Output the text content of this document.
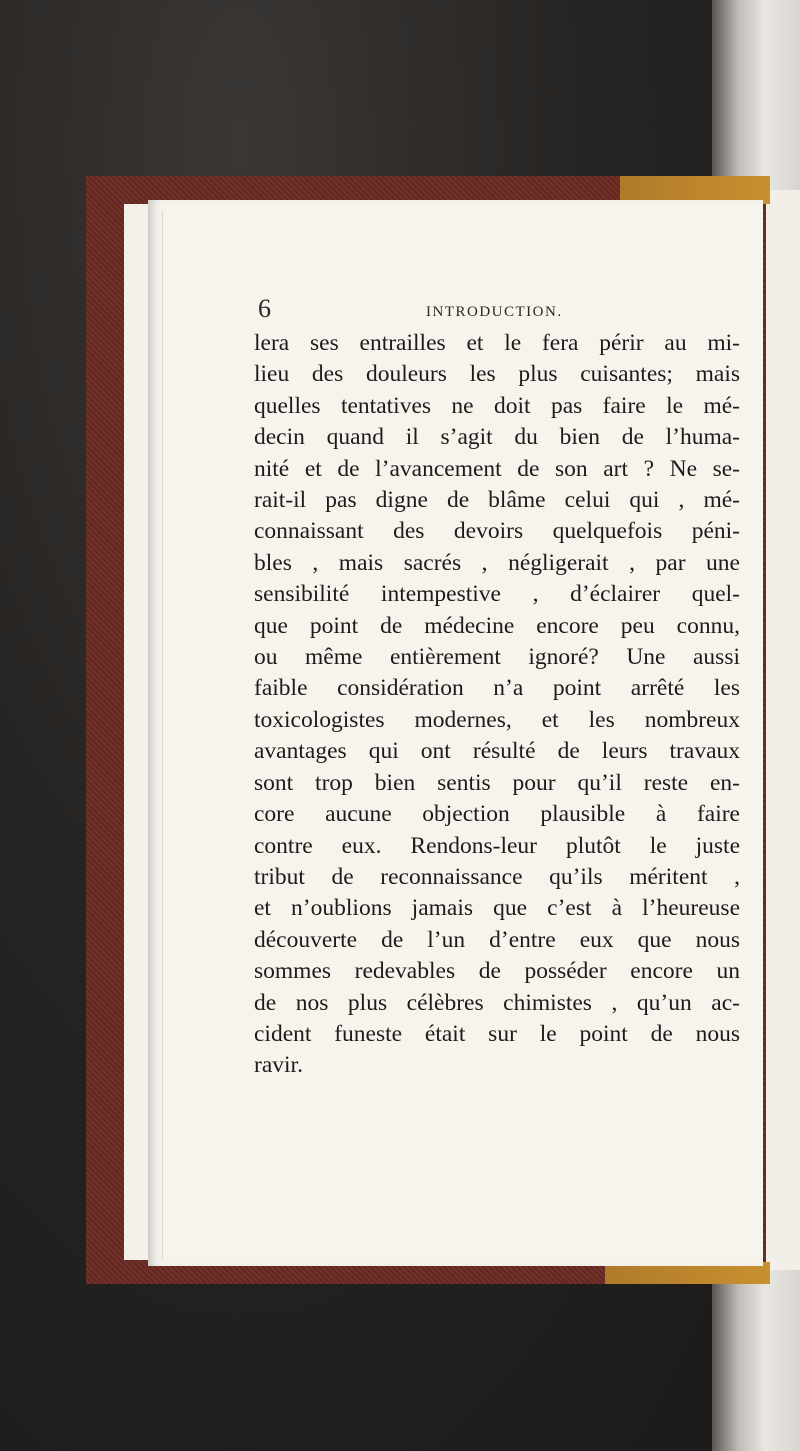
6	INTRODUCTION.
lera ses entrailles et le fera périr au mi-
lieu des douleurs les plus cuisantes; mais
quelles tentatives ne doit pas faire le mé-
decin quand il s’agit du bien de l’huma-
nité et de l’avancement de son art ? Ne se-
rait-il pas digne de blâme celui qui , mé-
connaissant des devoirs quelquefois péni-
bles , mais sacrés , négligerait , par une
sensibilité intempestive , d’éclairer quel-
que point de médecine encore peu connu,
ou même entièrement ignoré? Une aussi
faible considération n’a point arrêté les
toxicologistes modernes, et les nombreux
avantages qui ont résulté de leurs travaux
sont trop bien sentis pour qu’il reste en-
core aucune objection plausible à faire
contre eux. Rendons-leur plutôt le juste
tribut de reconnaissance qu’ils méritent ,
et n’oublions jamais que c’est à l’heureuse
découverte de l’un d’entre eux que nous
sommes redevables de posséder encore un
de nos plus célèbres chimistes , qu’un ac-
cident funeste était sur le point de nous
ravir.
